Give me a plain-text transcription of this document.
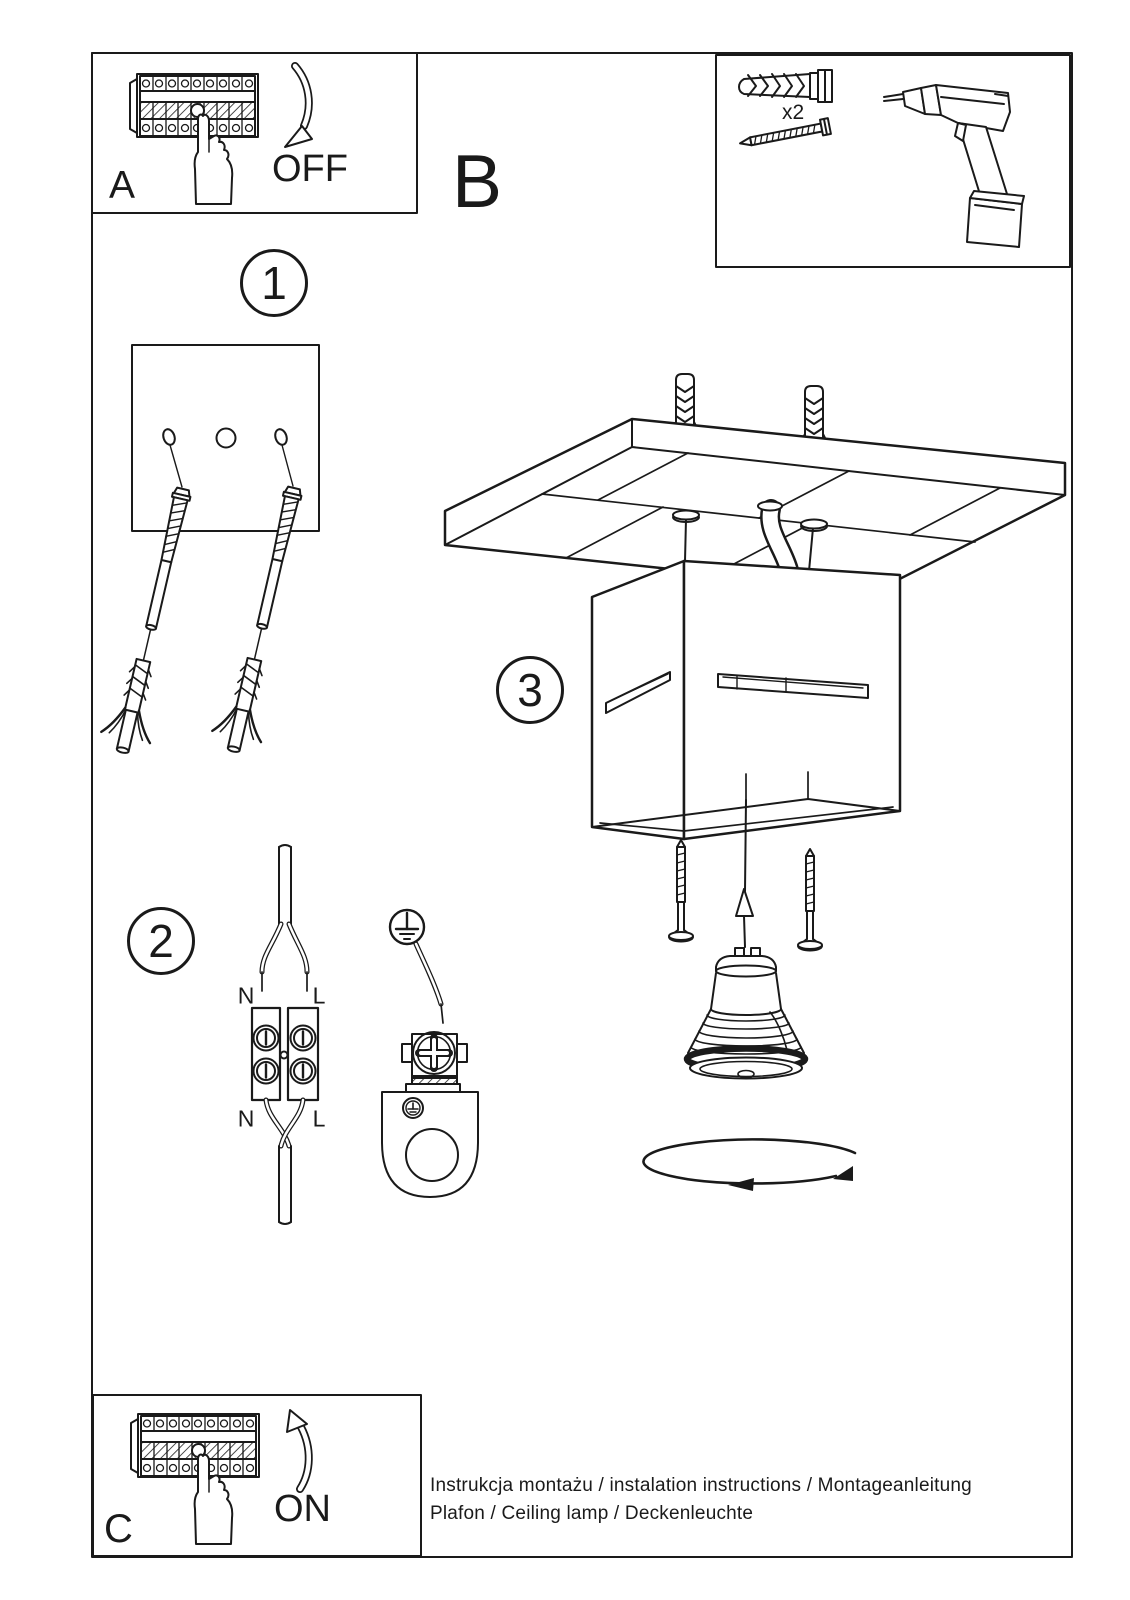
A	OFF B
x2
1
2
3
N	L
N	L
C	ON
Instrukcja montażu / instalation instructions / Montageanleitung
Plafon / Ceiling lamp / Deckenleuchte
